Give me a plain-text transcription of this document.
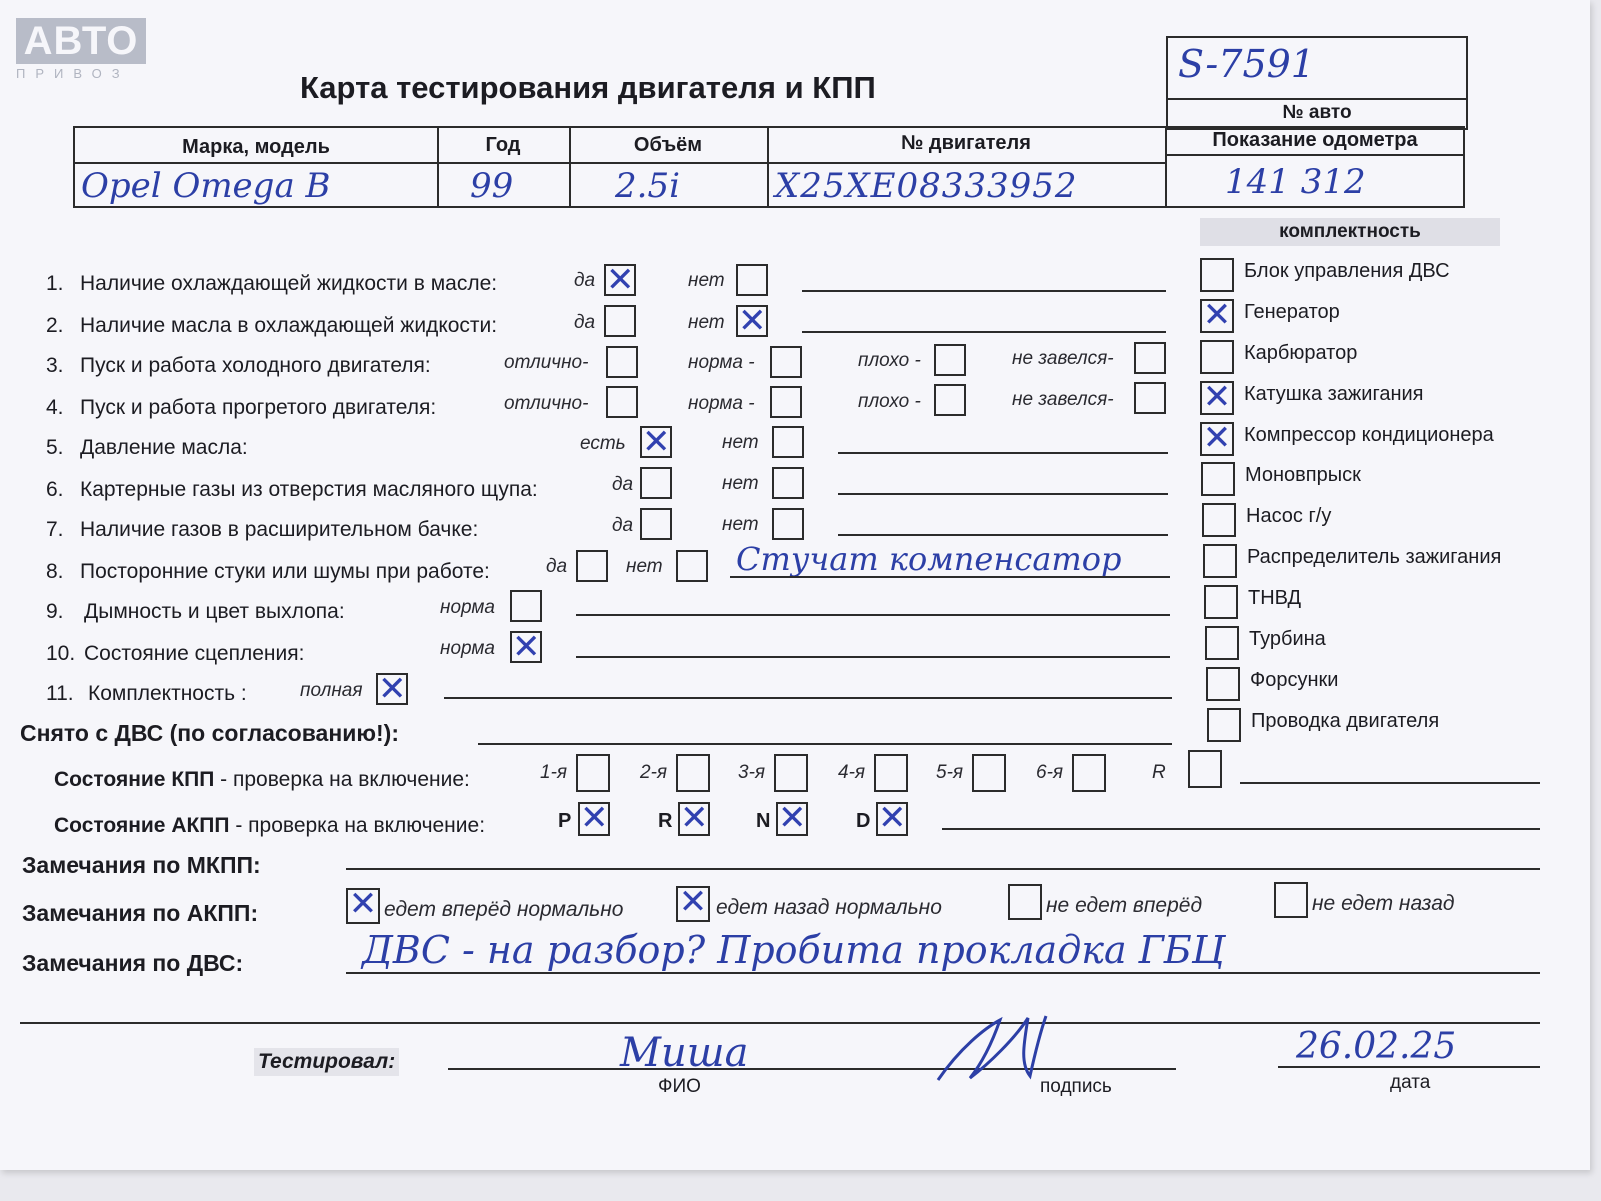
АВТО
ПРИВОЗ	Карта тестирования двигателя и КПП
S-7591
№ авто
Марка, модель	Год	Объём	№ двигателя	Показание одометра
Opel Omega B	99	2.5i	X25XE08333952	141 312
комплектность
Блок управления ДВС
✕ Генератор
Карбюратор
✕ Катушка зажигания
✕ Компрессор кондиционера
Моновпрыск
Насос г/у
Распределитель зажигания
ТНВД
Турбина
Форсунки
Проводка двигателя
1. Наличие охлаждающей жидкости в масле:	да ✕	нет
2. Наличие масла в охлаждающей жидкости:	да	нет ✕
3. Пуск и работа холодного двигателя:	отлично-	норма -	плохо -	не завелся-
4. Пуск и работа прогретого двигателя:	отлично-	норма -	плохо -	не завелся-
5. Давление масла:	есть ✕	нет
6. Картерные газы из отверстия масляного щупа:	да	нет
7. Наличие газов в расширительном бачке:	да	нет
8. Посторонние стуки или шумы при работе:	да	нет Стучат компенсатор
9. Дымность и цвет выхлопа:	норма
10. Состояние сцепления:	норма ✕
11. Комплектность :	полная ✕
Снято с ДВС (по согласованию!):
Состояние КПП - проверка на включение:	1-я	2-я	3-я	4-я	5-я	6-я	R
Состояние АКПП - проверка на включение:	P ✕ R ✕ N ✕ D ✕
Замечания по МКПП:
Замечания по АКПП:	✕ едет вперёд нормально ✕ едет назад нормально	не едет вперёд	не едет назад
Замечания по ДВС:	ДВС - на разбор? Пробита прокладка ГБЦ
Тестировал:	Миша
ФИО	подпись
26.02.25
дата
